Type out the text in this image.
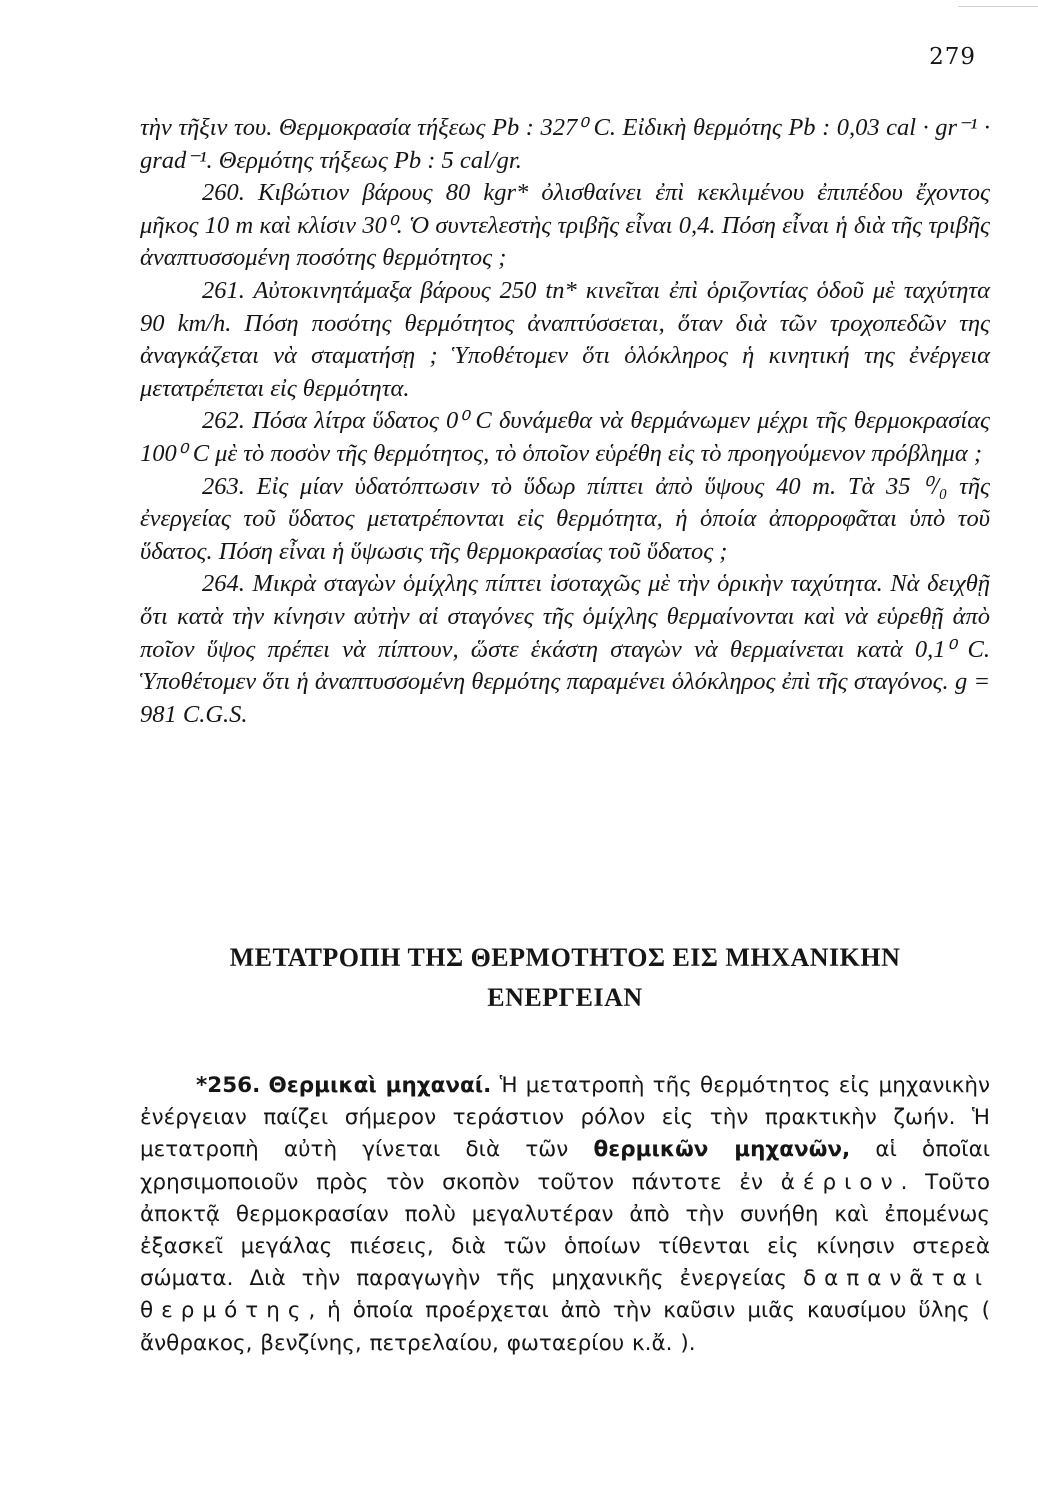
279

τὴν τῆξιν του. Θερμοκρασία τήξεως Pb : 327⁰ C. Εἰδικὴ θερμότης Pb : 0,03 cal · gr⁻¹ · grad⁻¹. Θερμότης τήξεως Pb : 5 cal/gr.

260. Κιβώτιον βάρους 80 kgr* ὀλισθαίνει ἐπὶ κεκλιμένου ἐπιπέδου ἔχοντος μῆκος 10 m καὶ κλίσιν 30⁰. Ὁ συντελεστὴς τριβῆς εἶναι 0,4. Πόση εἶναι ἡ διὰ τῆς τριβῆς ἀναπτυσσομένη ποσότης θερμότητος ;

261. Αὐτοκινητάμαξα βάρους 250 tn* κινεῖται ἐπὶ ὁριζοντίας ὁδοῦ μὲ ταχύτητα 90 km/h. Πόση ποσότης θερμότητος ἀναπτύσσεται, ὅταν διὰ τῶν τροχοπεδῶν της ἀναγκάζεται νὰ σταματήσῃ ; Ὑποθέτομεν ὅτι ὁλόκληρος ἡ κινητική της ἐνέργεια μετατρέπεται εἰς θερμότητα.

262. Πόσα λίτρα ὕδατος 0⁰ C δυνάμεθα νὰ θερμάνωμεν μέχρι τῆς θερμοκρασίας 100⁰ C μὲ τὸ ποσὸν τῆς θερμότητος, τὸ ὁποῖον εὑρέθη εἰς τὸ προηγούμενον πρόβλημα ;

263. Εἰς μίαν ὑδατόπτωσιν τὸ ὕδωρ πίπτει ἀπὸ ὕψους 40 m. Τὰ 35 ⁰/₀ τῆς ἐνεργείας τοῦ ὕδατος μετατρέπονται εἰς θερμότητα, ἡ ὁποία ἀπορροφᾶται ὑπὸ τοῦ ὕδατος. Πόση εἶναι ἡ ὕψωσις τῆς θερμοκρασίας τοῦ ὕδατος ;

264. Μικρὰ σταγὼν ὁμίχλης πίπτει ἰσοταχῶς μὲ τὴν ὁρικὴν ταχύτητα. Νὰ δειχθῇ ὅτι κατὰ τὴν κίνησιν αὐτὴν αἱ σταγόνες τῆς ὁμίχλης θερμαίνονται καὶ νὰ εὑρεθῇ ἀπὸ ποῖον ὕψος πρέπει νὰ πίπτουν, ὥστε ἑκάστη σταγὼν νὰ θερμαίνεται κατὰ 0,1⁰ C. Ὑποθέτομεν ὅτι ἡ ἀναπτυσσομένη θερμότης παραμένει ὁλόκληρος ἐπὶ τῆς σταγόνος. g = 981 C.G.S.

ΜΕΤΑΤΡΟΠΗ ΤΗΣ ΘΕΡΜΟΤΗΤΟΣ ΕΙΣ ΜΗΧΑΝΙΚΗΝ
ΕΝΕΡΓΕΙΑΝ

*256. Θερμικαὶ μηχαναί. Ἡ μετατροπὴ τῆς θερμότητος εἰς μηχανικὴν ἐνέργειαν παίζει σήμερον τεράστιον ρόλον εἰς τὴν πρακτικὴν ζωήν. Ἡ μετατροπὴ αὐτὴ γίνεται διὰ τῶν θερμικῶν μηχανῶν, αἱ ὁποῖαι χρησιμοποιοῦν πρὸς τὸν σκοπὸν τοῦτον πάντοτε ἐν ἀέριον. Τοῦτο ἀποκτᾷ θερμοκρασίαν πολὺ μεγαλυτέραν ἀπὸ τὴν συνήθη καὶ ἐπομένως ἐξασκεῖ μεγάλας πιέσεις, διὰ τῶν ὁποίων τίθενται εἰς κίνησιν στερεὰ σώματα. Διὰ τὴν παραγωγὴν τῆς μηχανικῆς ἐνεργείας δαπανᾶται θερμότης, ἡ ὁποία προέρχεται ἀπὸ τὴν καῦσιν μιᾶς καυσίμου ὕλης ( ἄνθρακος, βενζίνης, πετρελαίου, φωταερίου κ.ἄ. ).
